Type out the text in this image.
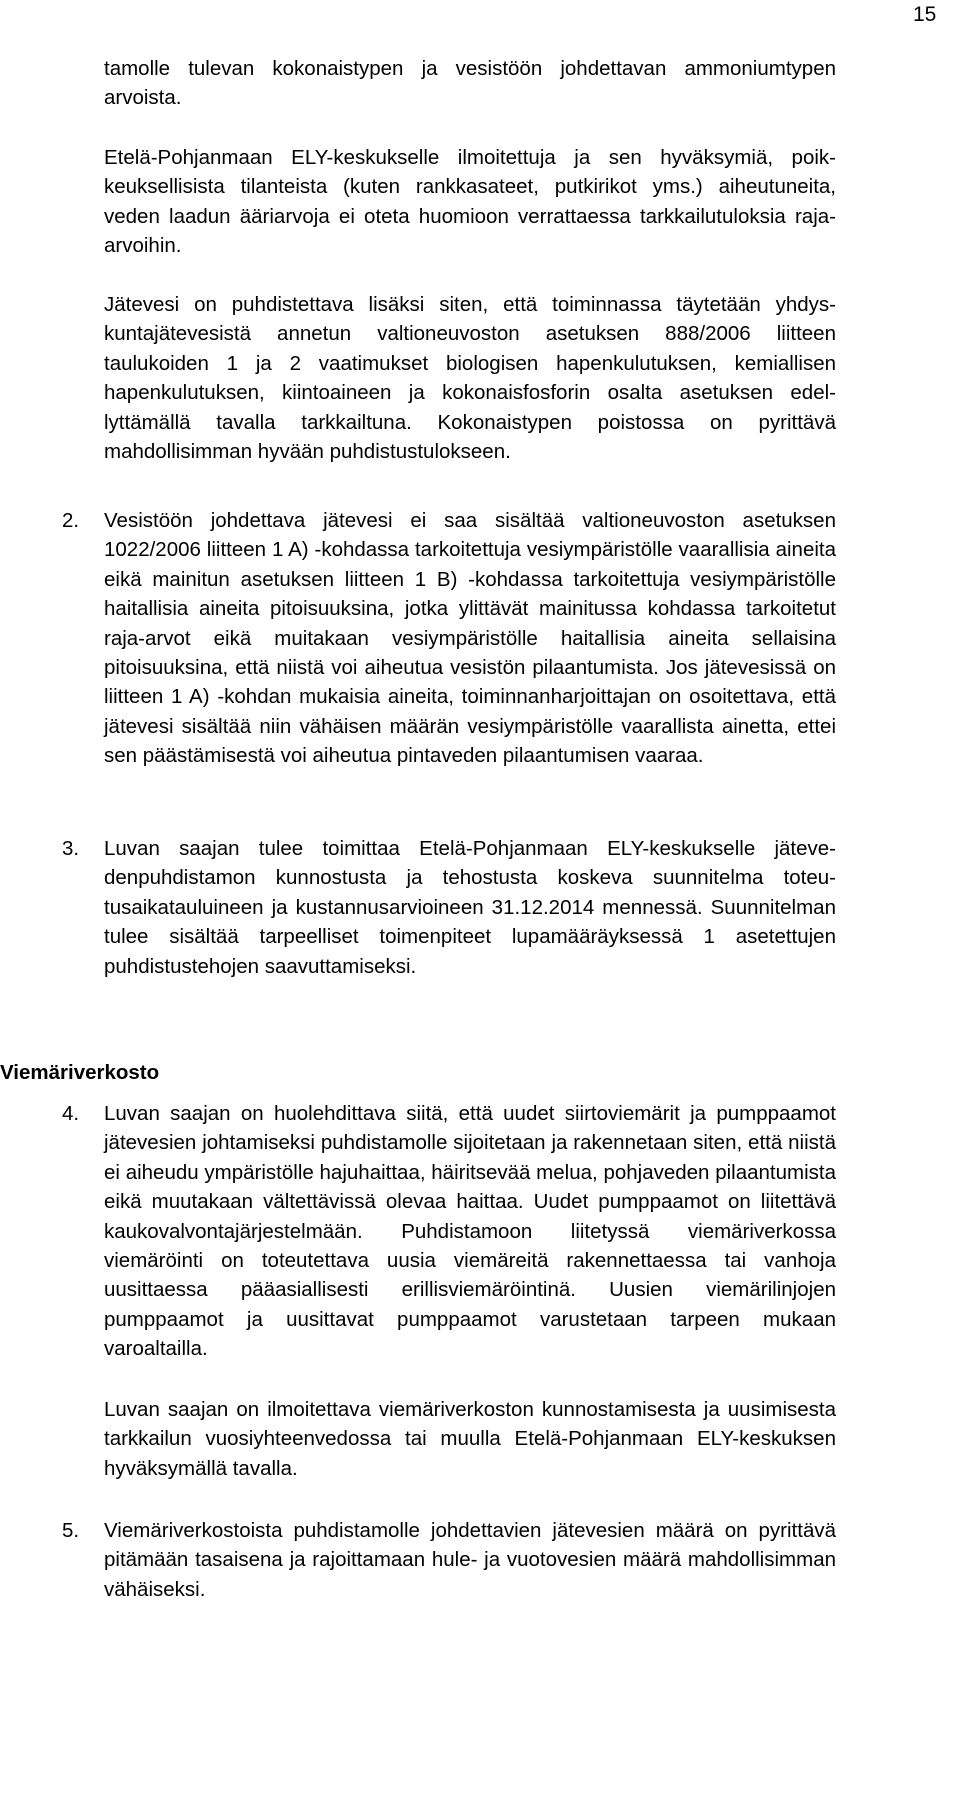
15

tamolle tulevan kokonaistypen ja vesistöön johdettavan ammoniumtypen arvoista.

Etelä-Pohjanmaan ELY-keskukselle ilmoitettuja ja sen hyväksymiä, poikkeuksellisista tilanteista (kuten rankkasateet, putkirikot yms.) aiheutuneita, veden laadun ääriarvoja ei oteta huomioon verrattaessa tarkkailutuloksia raja-arvoihin.

Jätevesi on puhdistettava lisäksi siten, että toiminnassa täytetään yhdyskuntajätevesistä annetun valtioneuvoston asetuksen 888/2006 liitteen taulukoiden 1 ja 2 vaatimukset biologisen hapenkulutuksen, kemiallisen hapenkulutuksen, kiintoaineen ja kokonaisfosforin osalta asetuksen edellyttämällä tavalla tarkkailtuna. Kokonaistypen poistossa on pyrittävä mahdollisimman hyvään puhdistustulokseen.

2.	Vesistöön johdettava jätevesi ei saa sisältää valtioneuvoston asetuksen 1022/2006 liitteen 1 A) -kohdassa tarkoitettuja vesiympäristölle vaarallisia aineita eikä mainitun asetuksen liitteen 1 B) -kohdassa tarkoitettuja vesiympäristölle haitallisia aineita pitoisuuksina, jotka ylittävät mainitussa kohdassa tarkoitetut raja-arvot eikä muitakaan vesiympäristölle haitallisia aineita sellaisina pitoisuuksina, että niistä voi aiheutua vesistön pilaantumista. Jos jätevesissä on liitteen 1 A) -kohdan mukaisia aineita, toiminnanharjoittajan on osoitettava, että jätevesi sisältää niin vähäisen määrän vesiympäristölle vaarallista ainetta, ettei sen päästämisestä voi aiheutua pintaveden pilaantumisen vaaraa.
3.	Luvan saajan tulee toimittaa Etelä-Pohjanmaan ELY-keskukselle jätevedenpuhdistamon kunnostusta ja tehostusta koskeva suunnitelma toteutusaikatauluineen ja kustannusarvioineen 31.12.2014 mennessä. Suunnitelman tulee sisältää tarpeelliset toimenpiteet lupamääräyksessä 1 asetettujen puhdistustehojen saavuttamiseksi.
Viemäriverkosto
4.	Luvan saajan on huolehdittava siitä, että uudet siirtoviemärit ja pumppaamot jätevesien johtamiseksi puhdistamolle sijoitetaan ja rakennetaan siten, että niistä ei aiheudu ympäristölle hajuhaittaa, häiritsevää melua, pohjaveden pilaantumista eikä muutakaan vältettävissä olevaa haittaa. Uudet pumppaamot on liitettävä kaukovalvontajärjestelmään. Puhdistamoon liitetyssä viemäriverkossa viemäröinti on toteutettava uusia viemäreitä rakennettaessa tai vanhoja uusittaessa pääasiallisesti erillisviemäröintinä. Uusien viemärilinjojen pumppaamot ja uusittavat pumppaamot varustetaan tarpeen mukaan varoaltailla.

Luvan saajan on ilmoitettava viemäriverkoston kunnostamisesta ja uusimisesta tarkkailun vuosiyhteenvedossa tai muulla Etelä-Pohjanmaan ELY-keskuksen hyväksymällä tavalla.

5.	Viemäriverkostoista puhdistamolle johdettavien jätevesien määrä on pyrittävä pitämään tasaisena ja rajoittamaan hule- ja vuotovesien määrä mahdollisimman vähäiseksi.
